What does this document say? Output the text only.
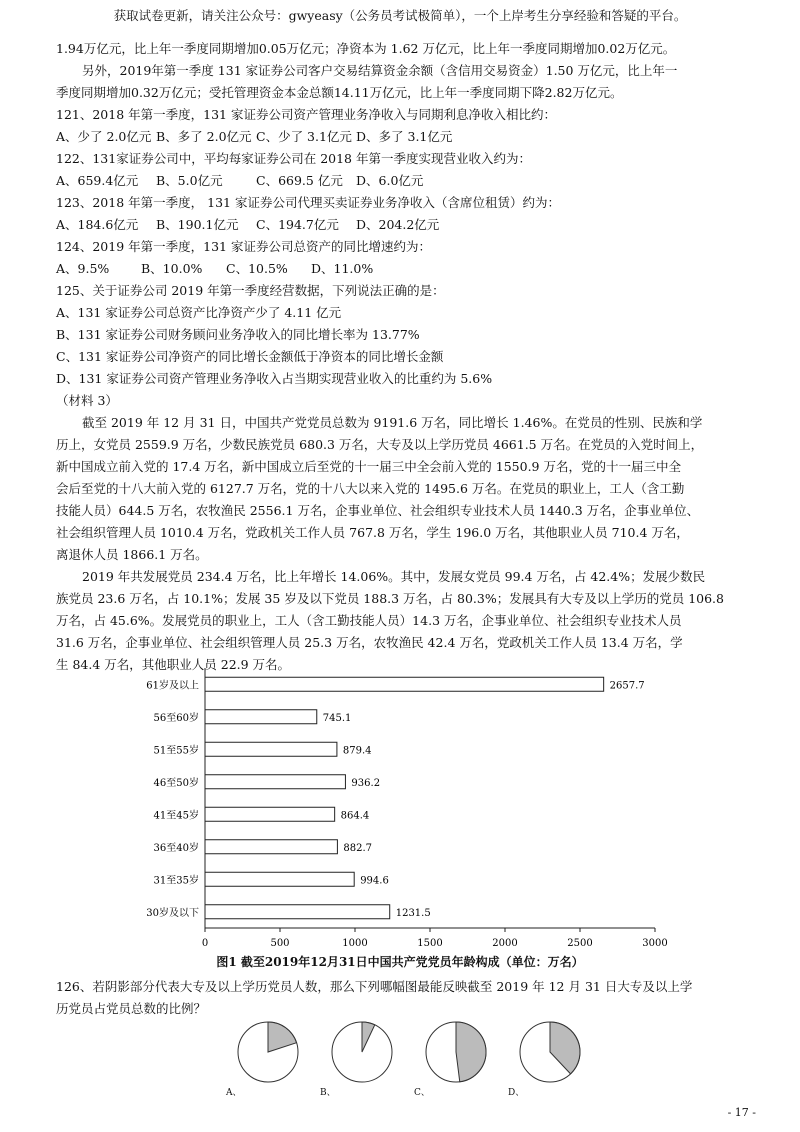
获取试卷更新，请关注公众号：gwyeasy（公务员考试极简单），一个上岸考生分享经验和答疑的平台。
1.94万亿元，比上年一季度同期增加0.05万亿元；净资本为 1.62 万亿元，比上年一季度同期增加0.02万亿元。
另外，2019年第一季度 131 家证券公司客户交易结算资金余额（含信用交易资金）1.50 万亿元，比上年一
季度同期增加0.32万亿元；受托管理资金本金总额14.11万亿元，比上年一季度同期下降2.82万亿元。
121、2018 年第一季度，131 家证券公司资产管理业务净收入与同期利息净收入相比约：
A、少了 2.0亿元 B、多了 2.0亿元 C、少了 3.1亿元 D、多了 3.1亿元
122、131家证券公司中，平均每家证券公司在 2018 年第一季度实现营业收入约为：
A、659.4亿元 B、5.0亿元	C、669.5 亿元 D、6.0亿元
123、2018 年第一季度， 131 家证券公司代理买卖证券业务净收入（含席位租赁）约为：
A、184.6亿元 B、190.1亿元 C、194.7亿元 D、204.2亿元
124、2019 年第一季度，131 家证券公司总资产的同比增速约为：
A、9.5%	B、10.0% C、10.5% D、11.0%
125、关于证券公司 2019 年第一季度经营数据，下列说法正确的是：
A、131 家证券公司总资产比净资产少了 4.11 亿元
B、131 家证券公司财务顾问业务净收入的同比增长率为 13.77%
C、131 家证券公司净资产的同比增长金额低于净资本的同比增长金额
D、131 家证券公司资产管理业务净收入占当期实现营业收入的比重约为 5.6%
（材料 3）
截至 2019 年 12 月 31 日，中国共产党党员总数为 9191.6 万名，同比增长 1.46%。在党员的性别、民族和学
历上，女党员 2559.9 万名，少数民族党员 680.3 万名，大专及以上学历党员 4661.5 万名。在党员的入党时间上，
新中国成立前入党的 17.4 万名，新中国成立后至党的十一届三中全会前入党的 1550.9 万名，党的十一届三中全
会后至党的十八大前入党的 6127.7 万名，党的十八大以来入党的 1495.6 万名。在党员的职业上，工人（含工勤
技能人员）644.5 万名，农牧渔民 2556.1 万名，企事业单位、社会组织专业技术人员 1440.3 万名，企事业单位、
社会组织管理人员 1010.4 万名，党政机关工作人员 767.8 万名，学生 196.0 万名，其他职业人员 710.4 万名，
离退休人员 1866.1 万名。
2019 年共发展党员 234.4 万名，比上年增长 14.06%。其中，发展女党员 99.4 万名，占 42.4%；发展少数民
族党员 23.6 万名，占 10.1%；发展 35 岁及以下党员 188.3 万名，占 80.3%；发展具有大专及以上学历的党员 106.8
万名，占 45.6%。发展党员的职业上，工人（含工勤技能人员）14.3 万名，企事业单位、社会组织专业技术人员
31.6 万名，企事业单位、社会组织管理人员 25.3 万名，农牧渔民 42.4 万名，党政机关工作人员 13.4 万名，学
生 84.4 万名，其他职业人员 22.9 万名。
61岁及以上	2657.7
56至60岁	745.1
51至55岁	879.4
46至50岁	936.2
41至45岁	864.4
36至40岁	882.7
31至35岁	994.6
30岁及以下	1231.5
0	500	1000	1500	2000	2500	3000
图1 截至2019年12月31日中国共产党党员年龄构成（单位：万名）
126、若阴影部分代表大专及以上学历党员人数，那么下列哪幅图最能反映截至 2019 年 12 月 31 日大专及以上学
历党员占党员总数的比例？
A、	B、	C、	D、
- 17 -
